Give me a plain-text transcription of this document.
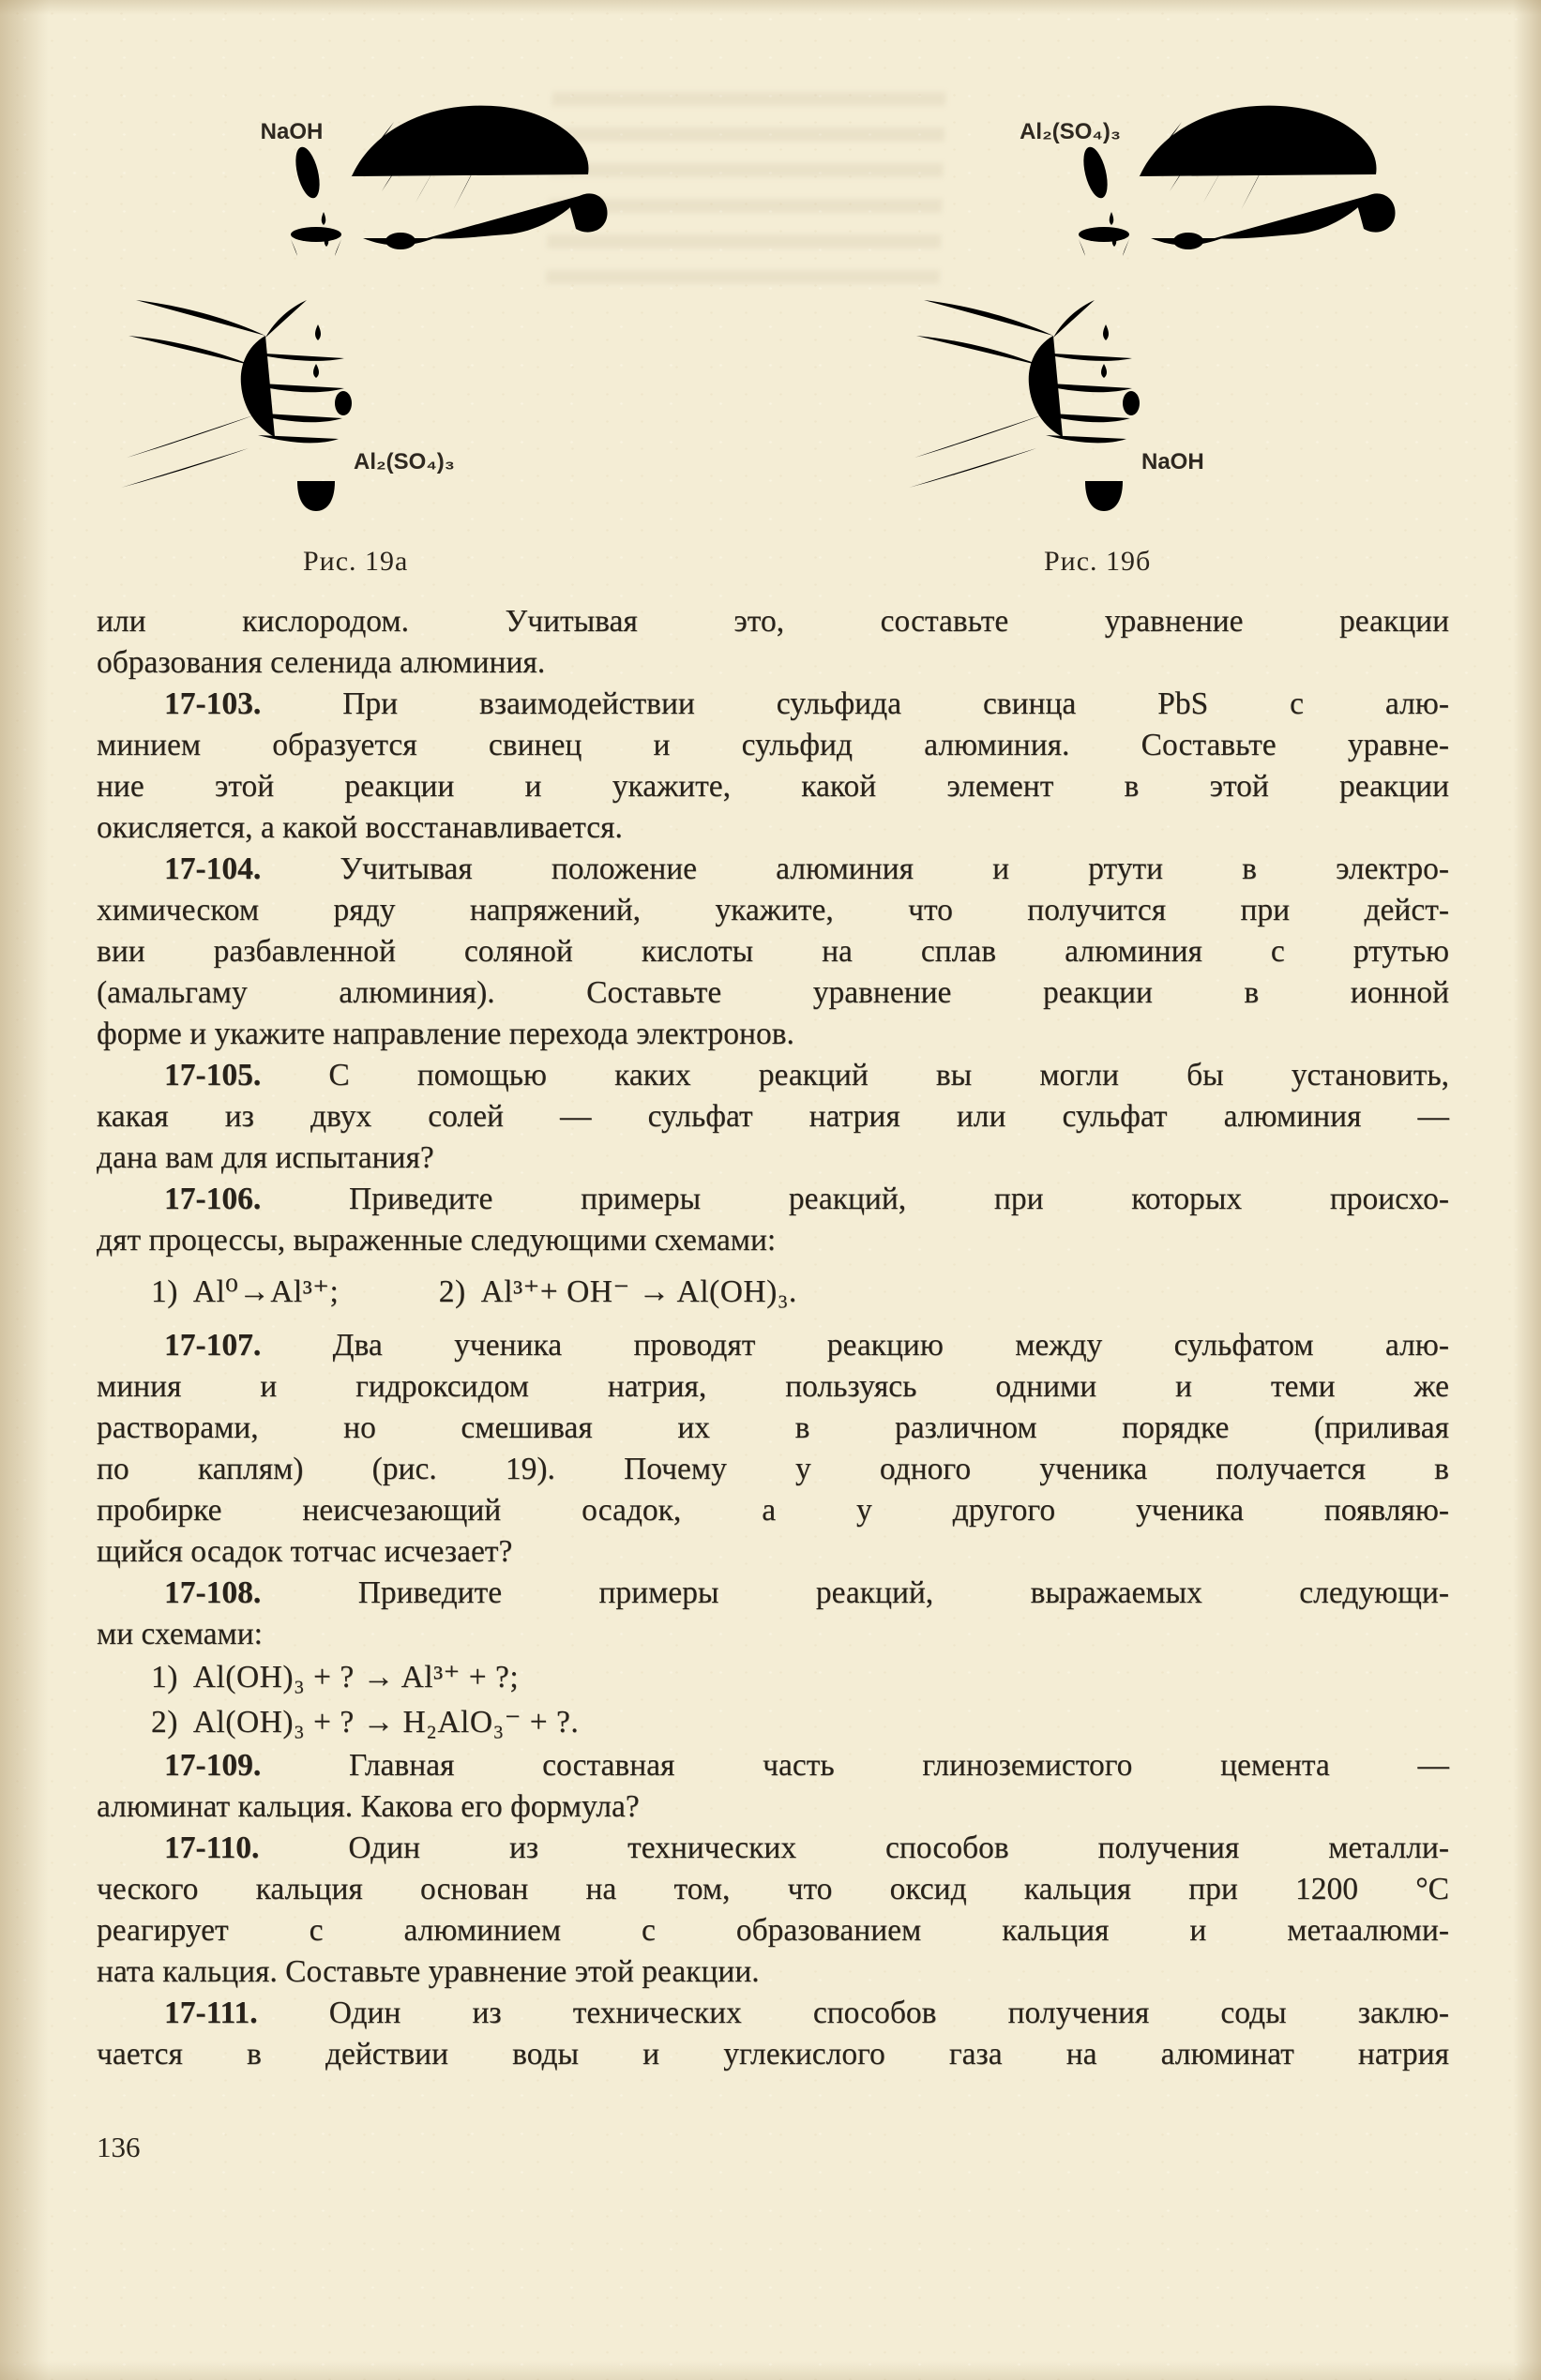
NaOH
Al₂(SO₄)₃
Al₂(SO₄)₃
NaOH
Рис. 19а	Рис. 19б
или кислородом. Учитывая это, составьте уравнение реакции
образования селенида алюминия.
17-103. При взаимодействии сульфида свинца PbS с алю-
минием образуется свинец и сульфид алюминия. Составьте уравне-
ние этой реакции и укажите, какой элемент в этой реакции
окисляется, а какой восстанавливается.
17-104. Учитывая положение алюминия и ртути в электро-
химическом ряду напряжений, укажите, что получится при дейст-
вии разбавленной соляной кислоты на сплав алюминия с ртутью
(амальгаму алюминия). Составьте уравнение реакции в ионной
форме и укажите направление перехода электронов.
17-105. С помощью каких реакций вы могли бы установить,
какая из двух солей — сульфат натрия или сульфат алюминия —
дана вам для испытания?
17-106. Приведите примеры реакций, при которых происхо-
дят процессы, выраженные следующими схемами:
1)  Al⁰→Al³⁺;            2)  Al³⁺+ OH⁻ → Al(OH)₃.
17-107. Два ученика проводят реакцию между сульфатом алю-
миния и гидроксидом натрия, пользуясь одними и теми же
растворами, но смешивая их в различном порядке (приливая
по каплям) (рис. 19). Почему у одного ученика получается в
пробирке неисчезающий осадок, а у другого ученика появляю-
щийся осадок тотчас исчезает?
17-108. Приведите примеры реакций, выражаемых следующи-
ми схемами:
1)  Al(OH)₃ + ? → Al³⁺ + ?;
2)  Al(OH)₃ + ? → H₂AlO₃⁻ + ?.
17-109. Главная составная часть глиноземистого цемента —
алюминат кальция. Какова его формула?
17-110. Один из технических способов получения металли-
ческого кальция основан на том, что оксид кальция при 1200 °C
реагирует с алюминием с образованием кальция и метаалюми-
ната кальция. Составьте уравнение этой реакции.
17-111. Один из технических способов получения соды заклю-
чается в действии воды и углекислого газа на алюминат натрия
136
